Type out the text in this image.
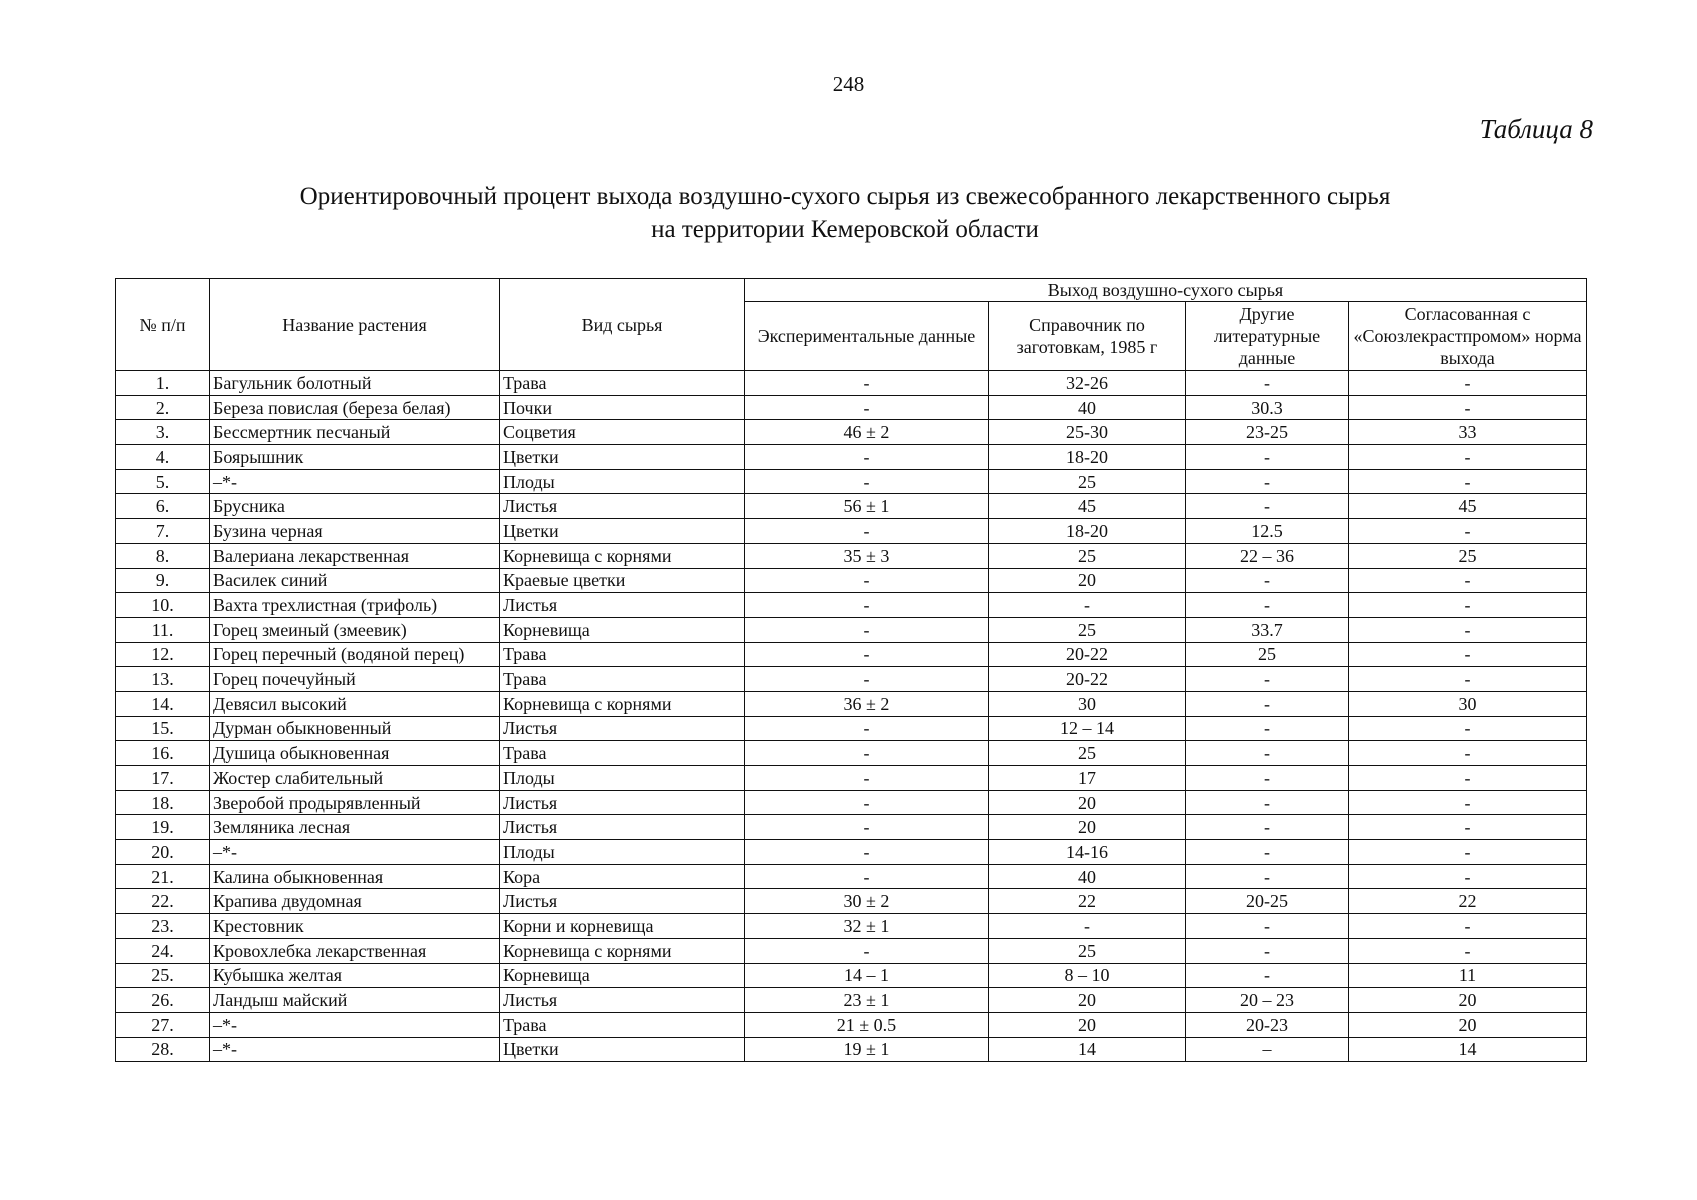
248
Таблица 8
Ориентировочный процент выхода воздушно-сухого сырья из свежесобранного лекарственного сырья
на территории Кемеровской области
№ п/п	Название растения	Вид сырья	Выход воздушно-сухого сырья			
			Экспериментальные данные	Справочник по заготовкам, 1985 г	Другие литературные данные	Согласованная с «Союзлекрастпромом» норма выхода
1.	Багульник болотный	Трава	-	32-26	-	-
2.	Береза повислая (береза белая)	Почки	-	40	30.3	-
3.	Бессмертник песчаный	Соцветия	46 ± 2	25-30	23-25	33
4.	Боярышник	Цветки	-	18-20	-	-
5.	–*-	Плоды	-	25	-	-
6.	Брусника	Листья	56 ± 1	45	-	45
7.	Бузина черная	Цветки	-	18-20	12.5	-
8.	Валериана лекарственная	Корневища с корнями	35 ± 3	25	22 – 36	25
9.	Василек синий	Краевые цветки	-	20	-	-
10.	Вахта трехлистная (трифоль)	Листья	-	-	-	-
11.	Горец змеиный (змеевик)	Корневища	-	25	33.7	-
12.	Горец перечный (водяной перец)	Трава	-	20-22	25	-
13.	Горец почечуйный	Трава	-	20-22	-	-
14.	Девясил высокий	Корневища с корнями	36 ± 2	30	-	30
15.	Дурман обыкновенный	Листья	-	12 – 14	-	-
16.	Душица обыкновенная	Трава	-	25	-	-
17.	Жостер слабительный	Плоды	-	17	-	-
18.	Зверобой продырявленный	Листья	-	20	-	-
19.	Земляника лесная	Листья	-	20	-	-
20.	–*-	Плоды	-	14-16	-	-
21.	Калина обыкновенная	Кора	-	40	-	-
22.	Крапива двудомная	Листья	30 ± 2	22	20-25	22
23.	Крестовник	Корни и корневища	32 ± 1	-	-	-
24.	Кровохлебка лекарственная	Корневища с корнями	-	25	-	-
25.	Кубышка желтая	Корневища	14 – 1	8 – 10	-	11
26.	Ландыш майский	Листья	23 ± 1	20	20 – 23	20
27.	–*-	Трава	21 ± 0.5	20	20-23	20
28.	–*-	Цветки	19 ± 1	14	–	14
